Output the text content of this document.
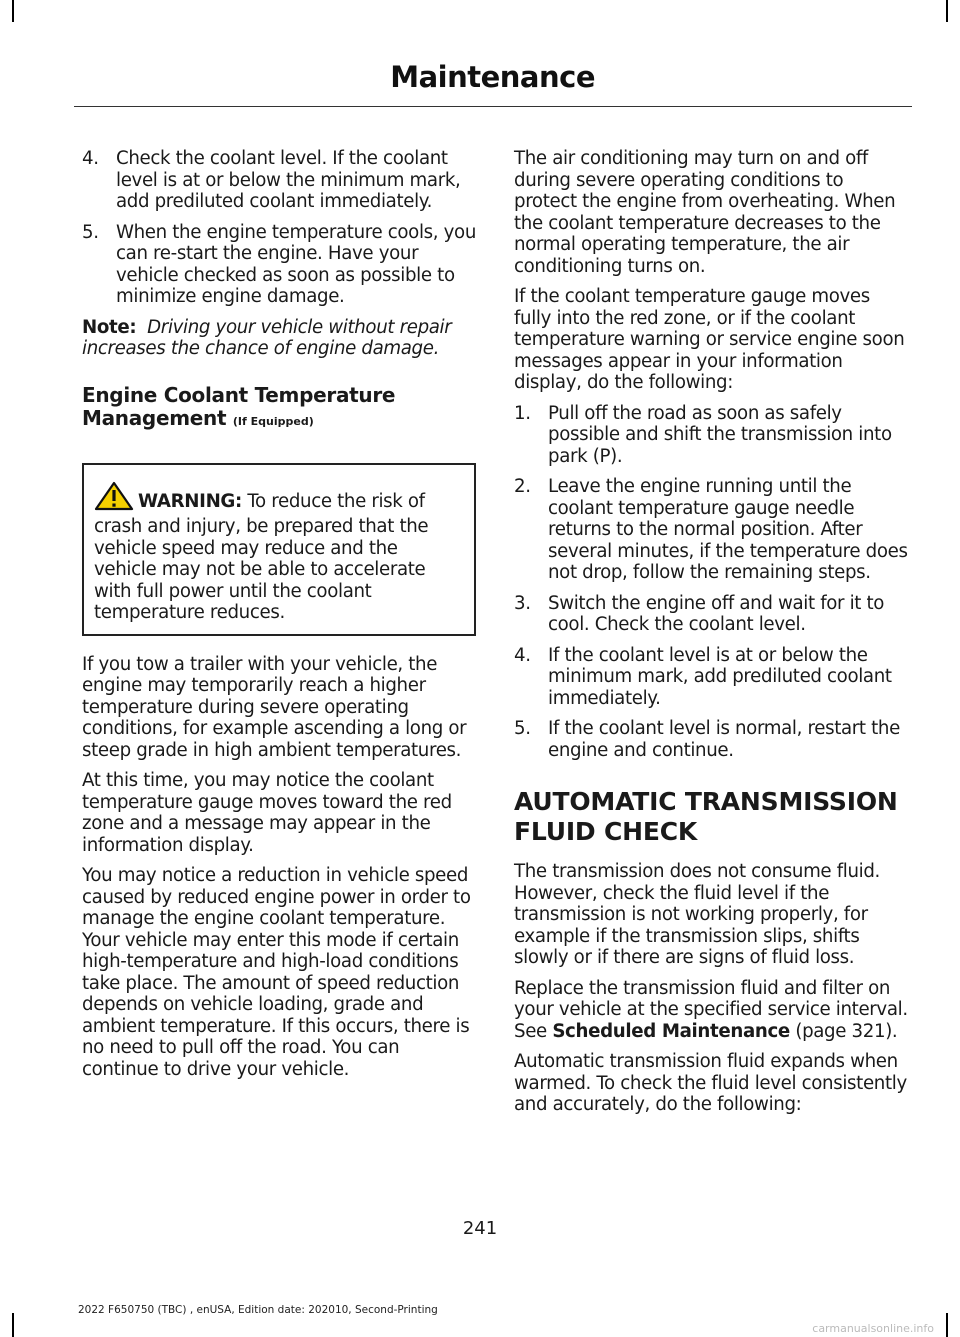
Maintenance
4. Check the coolant level. If the coolant level is at or below the minimum mark, add prediluted coolant immediately.
5. When the engine temperature cools, you can re-start the engine. Have your vehicle checked as soon as possible to minimize engine damage.

Note: Driving your vehicle without repair increases the chance of engine damage.

Engine Coolant Temperature Management (If Equipped)
WARNING: To reduce the risk of crash and injury, be prepared that the vehicle speed may reduce and the vehicle may not be able to accelerate with full power until the coolant temperature reduces.

If you tow a trailer with your vehicle, the engine may temporarily reach a higher temperature during severe operating conditions, for example ascending a long or steep grade in high ambient temperatures.

At this time, you may notice the coolant temperature gauge moves toward the red zone and a message may appear in the information display.

You may notice a reduction in vehicle speed caused by reduced engine power in order to manage the engine coolant temperature. Your vehicle may enter this mode if certain high-temperature and high-load conditions take place. The amount of speed reduction depends on vehicle loading, grade and ambient temperature. If this occurs, there is no need to pull off the road. You can continue to drive your vehicle.

The air conditioning may turn on and off during severe operating conditions to protect the engine from overheating. When the coolant temperature decreases to the normal operating temperature, the air conditioning turns on.

If the coolant temperature gauge moves fully into the red zone, or if the coolant temperature warning or service engine soon messages appear in your information display, do the following:

1. Pull off the road as soon as safely possible and shift the transmission into park (P).
2. Leave the engine running until the coolant temperature gauge needle returns to the normal position. After several minutes, if the temperature does not drop, follow the remaining steps.
3. Switch the engine off and wait for it to cool. Check the coolant level.
4. If the coolant level is at or below the minimum mark, add prediluted coolant immediately.
5. If the coolant level is normal, restart the engine and continue.
AUTOMATIC TRANSMISSION
FLUID CHECK

The transmission does not consume fluid. However, check the fluid level if the transmission is not working properly, for example if the transmission slips, shifts slowly or if there are signs of fluid loss.

Replace the transmission fluid and filter on your vehicle at the specified service interval. See Scheduled Maintenance (page 321).

Automatic transmission fluid expands when warmed. To check the fluid level consistently and accurately, do the following:

241
2022 F650750 (TBC) , enUSA, Edition date: 202010, Second-Printing
carmanualsonline.info
